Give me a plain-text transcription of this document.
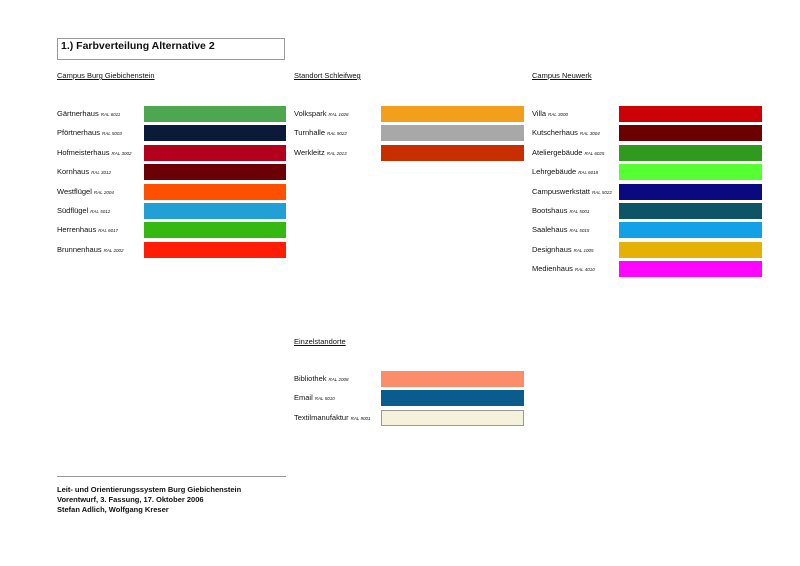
1.) Farbverteilung Alternative 2
Campus Burg Giebichenstein
Gärtnerhaus RAL 6011
Pförtnerhaus RAL 5003
Hofmeisterhaus RAL 3002
Kornhaus RAL 3012
Westflügel RAL 2004
Südflügel RAL 5012
Herrenhaus RAL 6017
Brunnenhaus RAL 2002
Standort Schleifweg
Volkspark RAL 1026
Turnhalle RAL 9022
Werkleitz RAL 2013
Campus Neuwerk
Villa RAL 3000
Kutscherhaus RAL 3004
Ateliergebäude RAL 6025
Lehrgebäude RAL 6018
Campuswerkstatt RAL 5022
Bootshaus RAL 5001
Saalehaus RAL 5015
Designhaus RAL 1005
Medienhaus RAL 4010
Einzelstandorte
Bibliothek RAL 2008
Email RAL 5010
Textilmanufaktur RAL 9001
Leit- und Orientierungssystem Burg Giebichenstein
Vorentwurf, 3. Fassung, 17. Oktober 2006
Stefan Adlich, Wolfgang Kreser
